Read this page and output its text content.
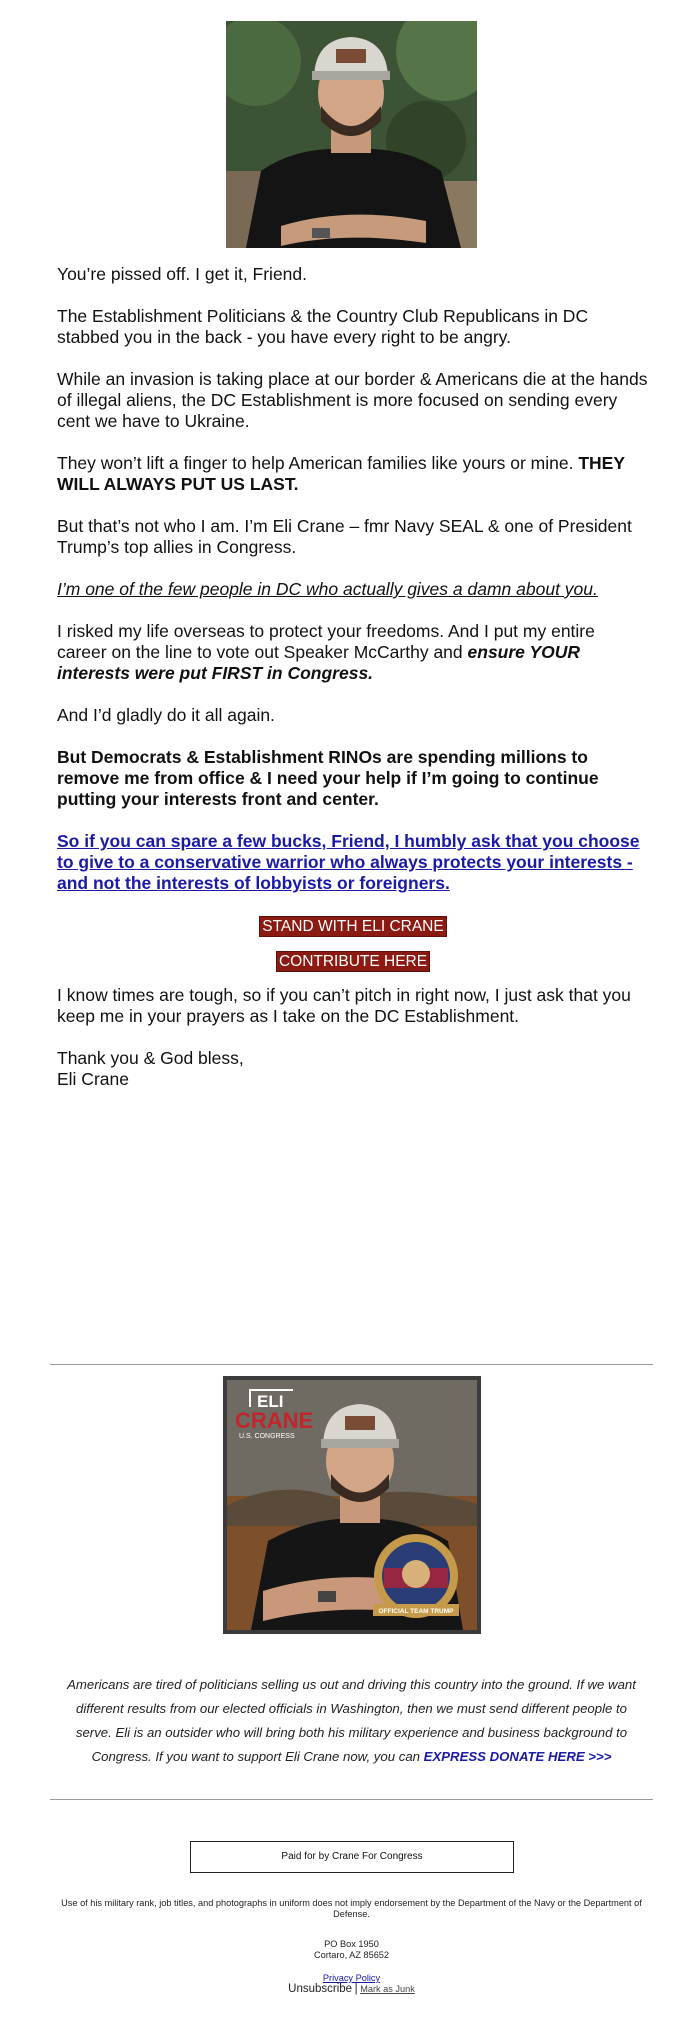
You’re pissed off. I get it, Friend.

The Establishment Politicians & the Country Club Republicans in DC stabbed you in the back - you have every right to be angry.

While an invasion is taking place at our border & Americans die at the hands of illegal aliens, the DC Establishment is more focused on sending every cent we have to Ukraine.

They won’t lift a finger to help American families like yours or mine. THEY WILL ALWAYS PUT US LAST.

But that’s not who I am. I’m Eli Crane – fmr Navy SEAL & one of President Trump’s top allies in Congress.

I’m one of the few people in DC who actually gives a damn about you.

I risked my life overseas to protect your freedoms. And I put my entire career on the line to vote out Speaker McCarthy and ensure YOUR interests were put FIRST in Congress.

And I’d gladly do it all again.

But Democrats & Establishment RINOs are spending millions to remove me from office & I need your help if I’m going to continue putting your interests front and center.

So if you can spare a few bucks, Friend, I humbly ask that you choose to give to a conservative warrior who always protects your interests - and not the interests of lobbyists or foreigners.

STAND WITH ELI CRANE
CONTRIBUTE HERE

I know times are tough, so if you can’t pitch in right now, I just ask that you keep me in your prayers as I take on the DC Establishment.

Thank you & God bless,

Eli Crane

ELI
CRANE
U.S. CONGRESS
OFFICIAL TEAM TRUMP
Americans are tired of politicians selling us out and driving this country into the ground. If we want different results from our elected officials in Washington, then we must send different people to serve. Eli is an outsider who will bring both his military experience and business background to Congress. If you want to support Eli Crane now, you can EXPRESS DONATE HERE >>>
Paid for by Crane For Congress
Use of his military rank, job titles, and photographs in uniform does not imply endorsement by the Department of the Navy or the Department of Defense.
PO Box 1950
Cortaro, AZ 85652
Privacy Policy
Unsubscribe | Mark as Junk
